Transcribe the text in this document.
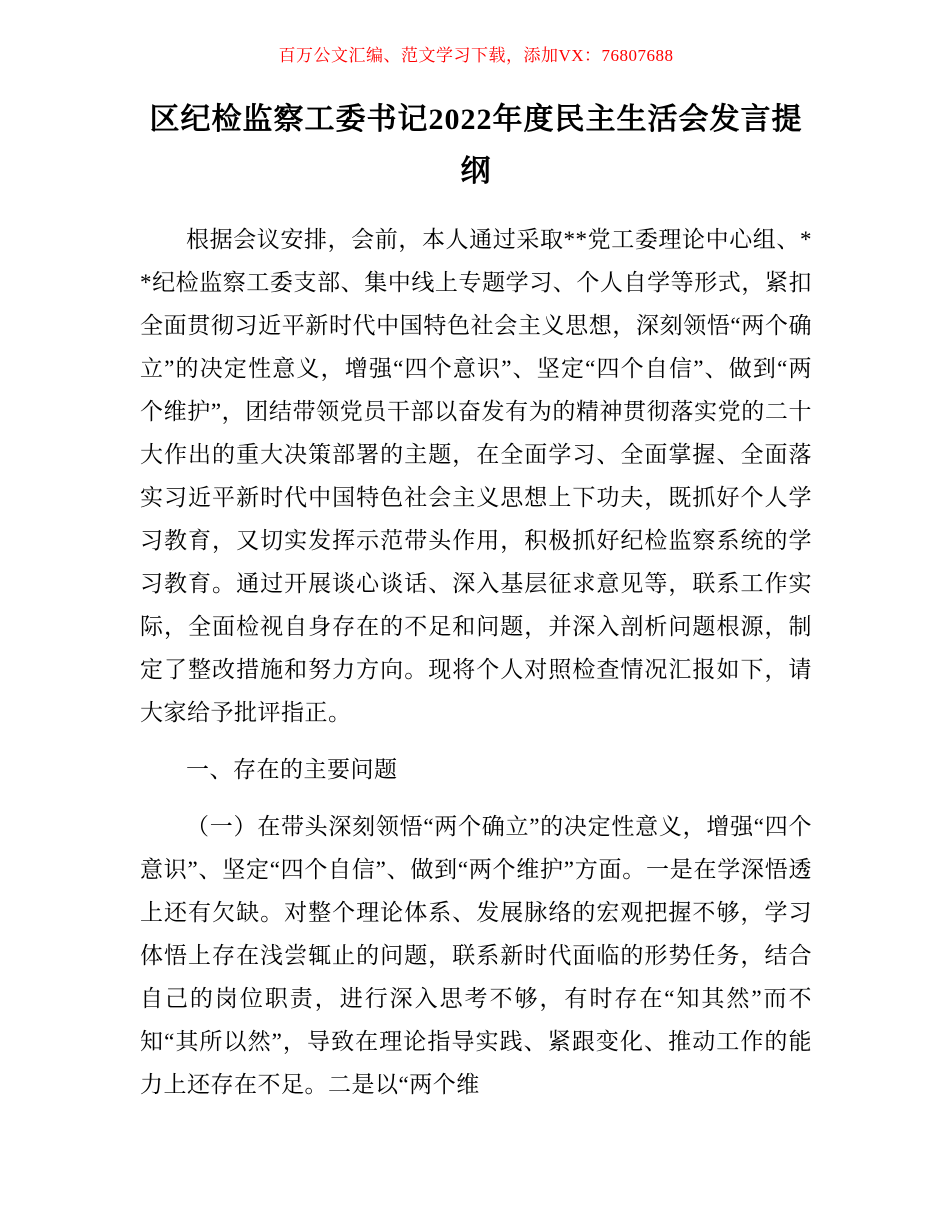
百万公文汇编、范文学习下载，添加VX：76807688
区纪检监察工委书记2022年度民主生活会发言提纲

根据会议安排，会前，本人通过采取**党工委理论中心组、**纪检监察工委支部、集中线上专题学习、个人自学等形式，紧扣全面贯彻习近平新时代中国特色社会主义思想，深刻领悟“两个确立”的决定性意义，增强“四个意识”、坚定“四个自信”、做到“两个维护”，团结带领党员干部以奋发有为的精神贯彻落实党的二十大作出的重大决策部署的主题，在全面学习、全面掌握、全面落实习近平新时代中国特色社会主义思想上下功夫，既抓好个人学习教育，又切实发挥示范带头作用，积极抓好纪检监察系统的学习教育。通过开展谈心谈话、深入基层征求意见等，联系工作实际，全面检视自身存在的不足和问题，并深入剖析问题根源，制定了整改措施和努力方向。现将个人对照检查情况汇报如下，请大家给予批评指正。

一、存在的主要问题

（一）在带头深刻领悟“两个确立”的决定性意义，增强“四个意识”、坚定“四个自信”、做到“两个维护”方面。一是在学深悟透上还有欠缺。对整个理论体系、发展脉络的宏观把握不够，学习体悟上存在浅尝辄止的问题，联系新时代面临的形势任务，结合自己的岗位职责，进行深入思考不够，有时存在“知其然”而不知“其所以然”，导致在理论指导实践、紧跟变化、推动工作的能力上还存在不足。二是以“两个维
